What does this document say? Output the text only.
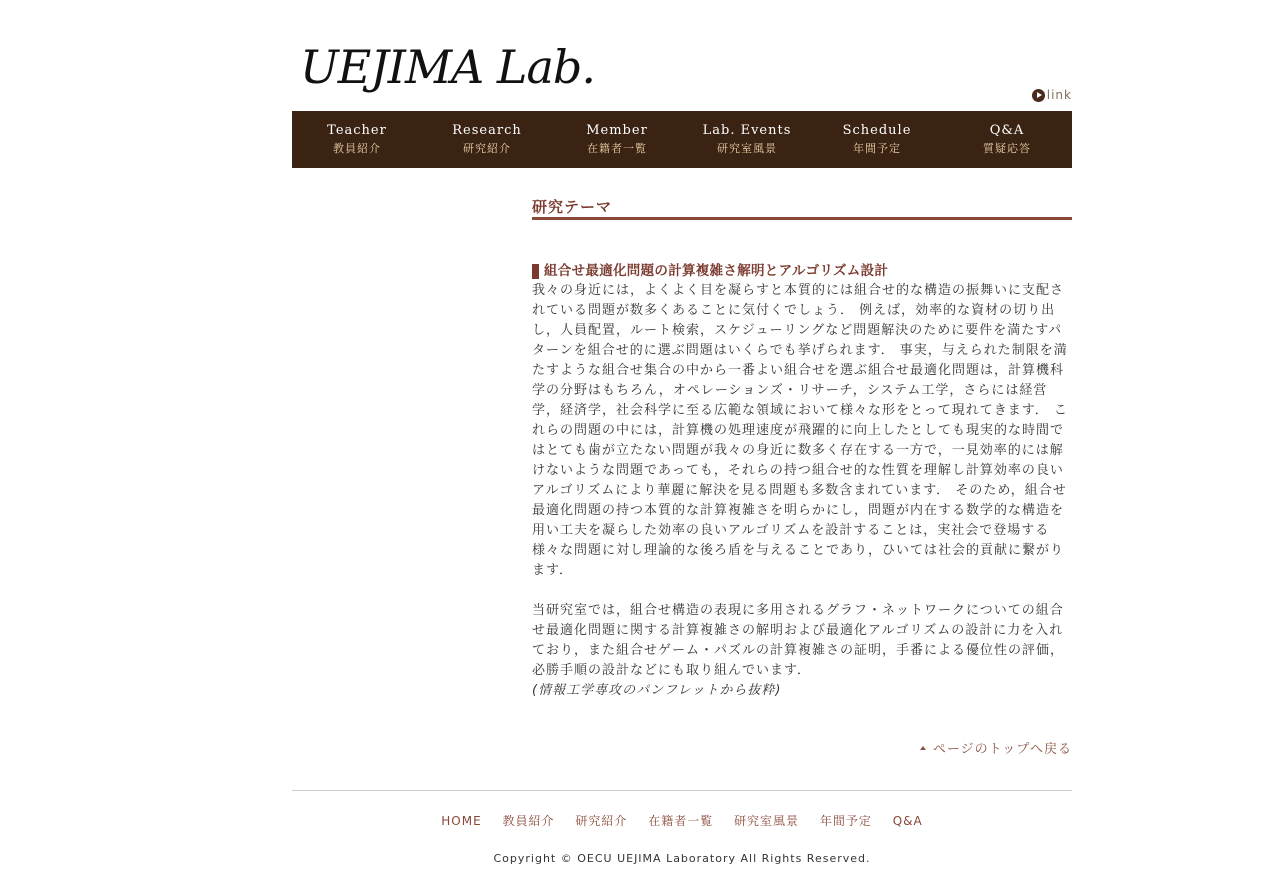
UEJIMA Lab.
link
Teacher
教員紹介
Research
研究紹介
Member
在籍者一覧
Lab. Events
研究室風景
Schedule
年間予定
Q&A
質疑応答
研究テーマ
組合せ最適化問題の計算複雑さ解明とアルゴリズム設計

我々の身近には，よくよく目を凝らすと本質的には組合せ的な構造の振舞いに支配されている問題が数多くあることに気付くでしょう． 例えば，効率的な資材の切り出し，人員配置，ルート検索，スケジューリングなど問題解決のために要件を満たすパターンを組合せ的に選ぶ問題はいくらでも挙げられます． 事実，与えられた制限を満たすような組合せ集合の中から一番よい組合せを選ぶ組合せ最適化問題は，計算機科学の分野はもちろん，オペレーションズ・リサーチ，システム工学，さらには経営学，経済学，社会科学に至る広範な領域において様々な形をとって現れてきます． これらの問題の中には，計算機の処理速度が飛躍的に向上したとしても現実的な時間ではとても歯が立たない問題が我々の身近に数多く存在する一方で，一見効率的には解けないような問題であっても，それらの持つ組合せ的な性質を理解し計算効率の良いアルゴリズムにより華麗に解決を見る問題も多数含まれています． そのため，組合せ最適化問題の持つ本質的な計算複雑さを明らかにし，問題が内在する数学的な構造を用い工夫を凝らした効率の良いアルゴリズムを設計することは，実社会で登場する様々な問題に対し理論的な後ろ盾を与えることであり，ひいては社会的貢献に繋がります．

当研究室では，組合せ構造の表現に多用されるグラフ・ネットワークについての組合せ最適化問題に関する計算複雑さの解明および最適化アルゴリズムの設計に力を入れており，また組合せゲーム・パズルの計算複雑さの証明，手番による優位性の評価，必勝手順の設計などにも取り組んでいます．
(情報工学専攻のパンフレットから抜粋)
ページのトップへ戻る
HOME 教員紹介 研究紹介 在籍者一覧 研究室風景 年間予定 Q&A
Copyright © OECU UEJIMA Laboratory All Rights Reserved.
